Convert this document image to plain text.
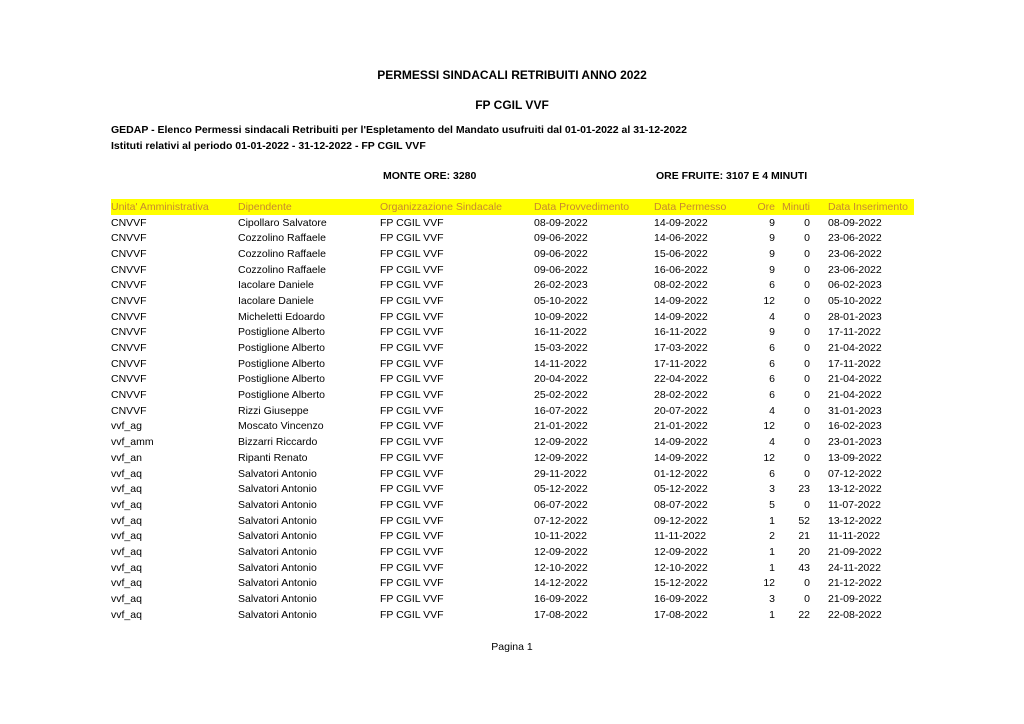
PERMESSI SINDACALI RETRIBUITI ANNO 2022
FP CGIL VVF
GEDAP - Elenco Permessi sindacali Retribuiti per l'Espletamento del Mandato usufruiti dal 01-01-2022 al 31-12-2022
Istituti relativi al periodo 01-01-2022 - 31-12-2022 - FP CGIL VVF
MONTE ORE: 3280	ORE FRUITE: 3107 E 4 MINUTI
Unita' Amministrativa	Dipendente	Organizzazione Sindacale	Data Provvedimento	Data Permesso	Ore	Minuti	Data Inserimento
CNVVF	Cipollaro Salvatore	FP CGIL VVF	08-09-2022	14-09-2022	9	0	08-09-2022
CNVVF	Cozzolino Raffaele	FP CGIL VVF	09-06-2022	14-06-2022	9	0	23-06-2022
CNVVF	Cozzolino Raffaele	FP CGIL VVF	09-06-2022	15-06-2022	9	0	23-06-2022
CNVVF	Cozzolino Raffaele	FP CGIL VVF	09-06-2022	16-06-2022	9	0	23-06-2022
CNVVF	Iacolare Daniele	FP CGIL VVF	26-02-2023	08-02-2022	6	0	06-02-2023
CNVVF	Iacolare Daniele	FP CGIL VVF	05-10-2022	14-09-2022	12	0	05-10-2022
CNVVF	Micheletti Edoardo	FP CGIL VVF	10-09-2022	14-09-2022	4	0	28-01-2023
CNVVF	Postiglione Alberto	FP CGIL VVF	16-11-2022	16-11-2022	9	0	17-11-2022
CNVVF	Postiglione Alberto	FP CGIL VVF	15-03-2022	17-03-2022	6	0	21-04-2022
CNVVF	Postiglione Alberto	FP CGIL VVF	14-11-2022	17-11-2022	6	0	17-11-2022
CNVVF	Postiglione Alberto	FP CGIL VVF	20-04-2022	22-04-2022	6	0	21-04-2022
CNVVF	Postiglione Alberto	FP CGIL VVF	25-02-2022	28-02-2022	6	0	21-04-2022
CNVVF	Rizzi Giuseppe	FP CGIL VVF	16-07-2022	20-07-2022	4	0	31-01-2023
vvf_ag	Moscato Vincenzo	FP CGIL VVF	21-01-2022	21-01-2022	12	0	16-02-2023
vvf_amm	Bizzarri Riccardo	FP CGIL VVF	12-09-2022	14-09-2022	4	0	23-01-2023
vvf_an	Ripanti Renato	FP CGIL VVF	12-09-2022	14-09-2022	12	0	13-09-2022
vvf_aq	Salvatori Antonio	FP CGIL VVF	29-11-2022	01-12-2022	6	0	07-12-2022
vvf_aq	Salvatori Antonio	FP CGIL VVF	05-12-2022	05-12-2022	3	23	13-12-2022
vvf_aq	Salvatori Antonio	FP CGIL VVF	06-07-2022	08-07-2022	5	0	11-07-2022
vvf_aq	Salvatori Antonio	FP CGIL VVF	07-12-2022	09-12-2022	1	52	13-12-2022
vvf_aq	Salvatori Antonio	FP CGIL VVF	10-11-2022	11-11-2022	2	21	11-11-2022
vvf_aq	Salvatori Antonio	FP CGIL VVF	12-09-2022	12-09-2022	1	20	21-09-2022
vvf_aq	Salvatori Antonio	FP CGIL VVF	12-10-2022	12-10-2022	1	43	24-11-2022
vvf_aq	Salvatori Antonio	FP CGIL VVF	14-12-2022	15-12-2022	12	0	21-12-2022
vvf_aq	Salvatori Antonio	FP CGIL VVF	16-09-2022	16-09-2022	3	0	21-09-2022
vvf_aq	Salvatori Antonio	FP CGIL VVF	17-08-2022	17-08-2022	1	22	22-08-2022
Pagina 1
